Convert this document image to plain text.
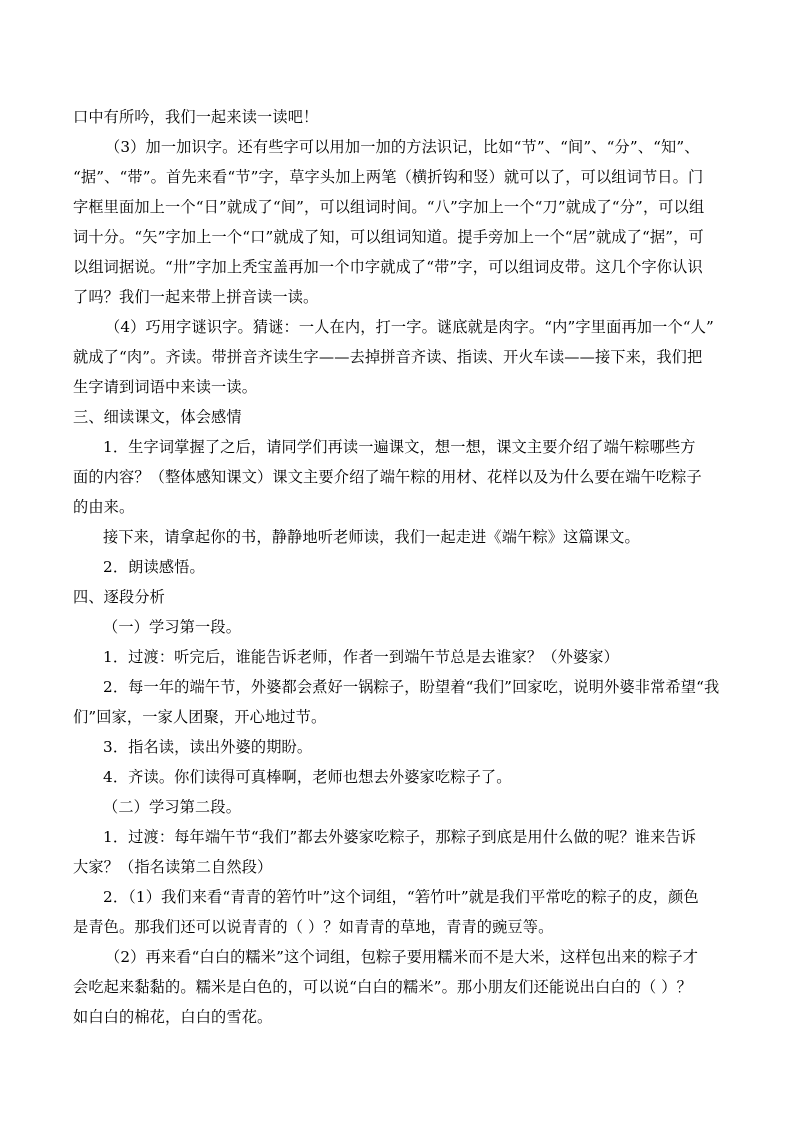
口中有所吟，我们一起来读一读吧！
（3）加一加识字。还有些字可以用加一加的方法识记，比如“节”、“间”、“分”、“知”、
“据”、“带”。首先来看“节”字，草字头加上两笔（横折钩和竖）就可以了，可以组词节日。门
字框里面加上一个“日”就成了“间”，可以组词时间。“八”字加上一个“刀”就成了“分”，可以组
词十分。“矢”字加上一个“口”就成了知，可以组词知道。提手旁加上一个“居”就成了“据”，可
以组词据说。“卅”字加上秃宝盖再加一个巾字就成了“带”字，可以组词皮带。这几个字你认识
了吗？我们一起来带上拼音读一读。
（4）巧用字谜识字。猜谜：一人在内，打一字。谜底就是肉字。“内”字里面再加一个“人”
就成了“肉”。齐读。带拼音齐读生字——去掉拼音齐读、指读、开火车读——接下来，我们把
生字请到词语中来读一读。
三、细读课文，体会感情
1．生字词掌握了之后，请同学们再读一遍课文，想一想，课文主要介绍了端午粽哪些方
面的内容？（整体感知课文）课文主要介绍了端午粽的用材、花样以及为什么要在端午吃粽子
的由来。
接下来，请拿起你的书，静静地听老师读，我们一起走进《端午粽》这篇课文。
2．朗读感悟。
四、逐段分析
（一）学习第一段。
1．过渡：听完后，谁能告诉老师，作者一到端午节总是去谁家？（外婆家）
2．每一年的端午节，外婆都会煮好一锅粽子，盼望着“我们”回家吃，说明外婆非常希望“我
们”回家，一家人团聚，开心地过节。
3．指名读，读出外婆的期盼。
4．齐读。你们读得可真棒啊，老师也想去外婆家吃粽子了。
（二）学习第二段。
1．过渡：每年端午节“我们”都去外婆家吃粽子，那粽子到底是用什么做的呢？谁来告诉
大家？（指名读第二自然段）
2．（1）我们来看“青青的箬竹叶”这个词组，“箬竹叶”就是我们平常吃的粽子的皮，颜色
是青色。那我们还可以说青青的（ ）？如青青的草地，青青的豌豆等。
（2）再来看“白白的糯米”这个词组，包粽子要用糯米而不是大米，这样包出来的粽子才
会吃起来黏黏的。糯米是白色的，可以说“白白的糯米”。那小朋友们还能说出白白的（ ）？
如白白的棉花，白白的雪花。
